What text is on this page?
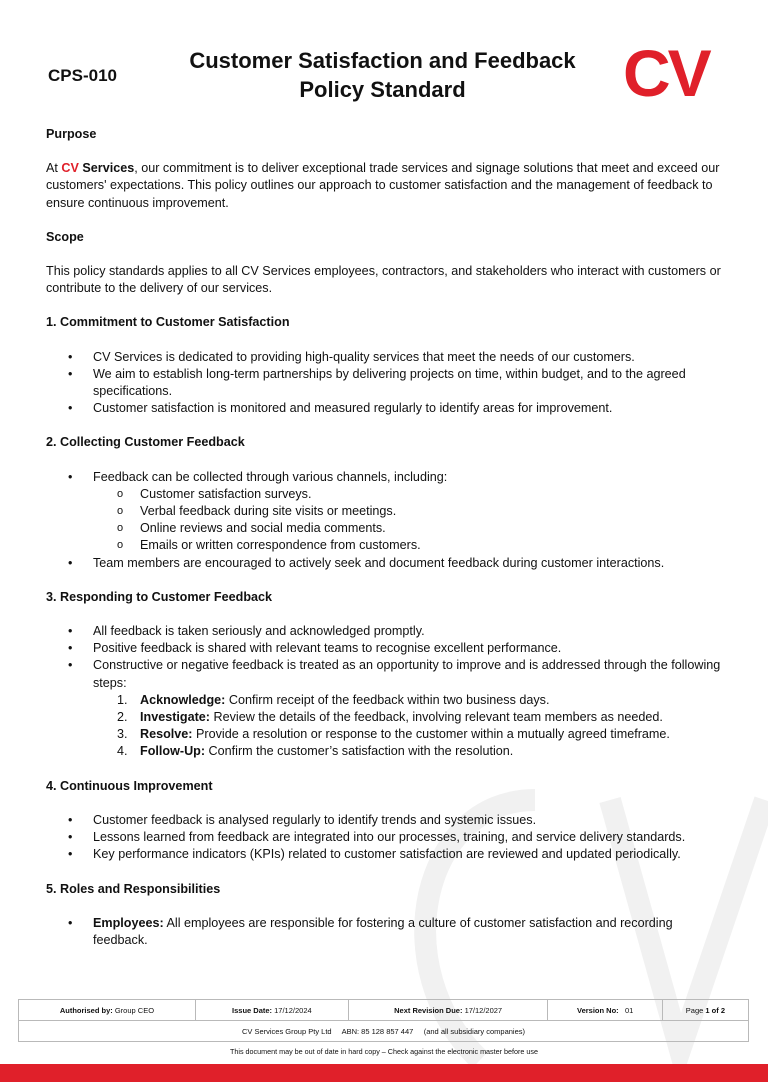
CPS-010
Customer Satisfaction and Feedback
Policy Standard	CV
Purpose

At CV Services, our commitment is to deliver exceptional trade services and signage solutions that meet and exceed our customers' expectations. This policy outlines our approach to customer satisfaction and the management of feedback to ensure continuous improvement.

Scope

This policy standards applies to all CV Services employees, contractors, and stakeholders who interact with customers or contribute to the delivery of our services.

1. Commitment to Customer Satisfaction
• CV Services is dedicated to providing high-quality services that meet the needs of our customers.
• We aim to establish long-term partnerships by delivering projects on time, within budget, and to the agreed specifications.
• Customer satisfaction is monitored and measured regularly to identify areas for improvement.
2. Collecting Customer Feedback
• Feedback can be collected through various channels, including:
o Customer satisfaction surveys.
o Verbal feedback during site visits or meetings.
o Online reviews and social media comments.
o Emails or written correspondence from customers.
• Team members are encouraged to actively seek and document feedback during customer interactions.
3. Responding to Customer Feedback
• All feedback is taken seriously and acknowledged promptly.
• Positive feedback is shared with relevant teams to recognise excellent performance.
• Constructive or negative feedback is treated as an opportunity to improve and is addressed through the following steps:
1. Acknowledge: Confirm receipt of the feedback within two business days.
2. Investigate: Review the details of the feedback, involving relevant team members as needed.
3. Resolve: Provide a resolution or response to the customer within a mutually agreed timeframe.
4. Follow-Up: Confirm the customer’s satisfaction with the resolution.
4. Continuous Improvement
• Customer feedback is analysed regularly to identify trends and systemic issues.
• Lessons learned from feedback are integrated into our processes, training, and service delivery standards.
• Key performance indicators (KPIs) related to customer satisfaction are reviewed and updated periodically.
5. Roles and Responsibilities
• Employees: All employees are responsible for fostering a culture of customer satisfaction and recording feedback.
Authorised by: Group CEO	Issue Date: 17/12/2024	Next Revision Due: 17/12/2027	Version No: 01	Page 1 of 2
CV Services Group Pty Ltd     ABN: 85 128 857 447     (and all subsidiary companies)
This document may be out of date in hard copy – Check against the electronic master before use
